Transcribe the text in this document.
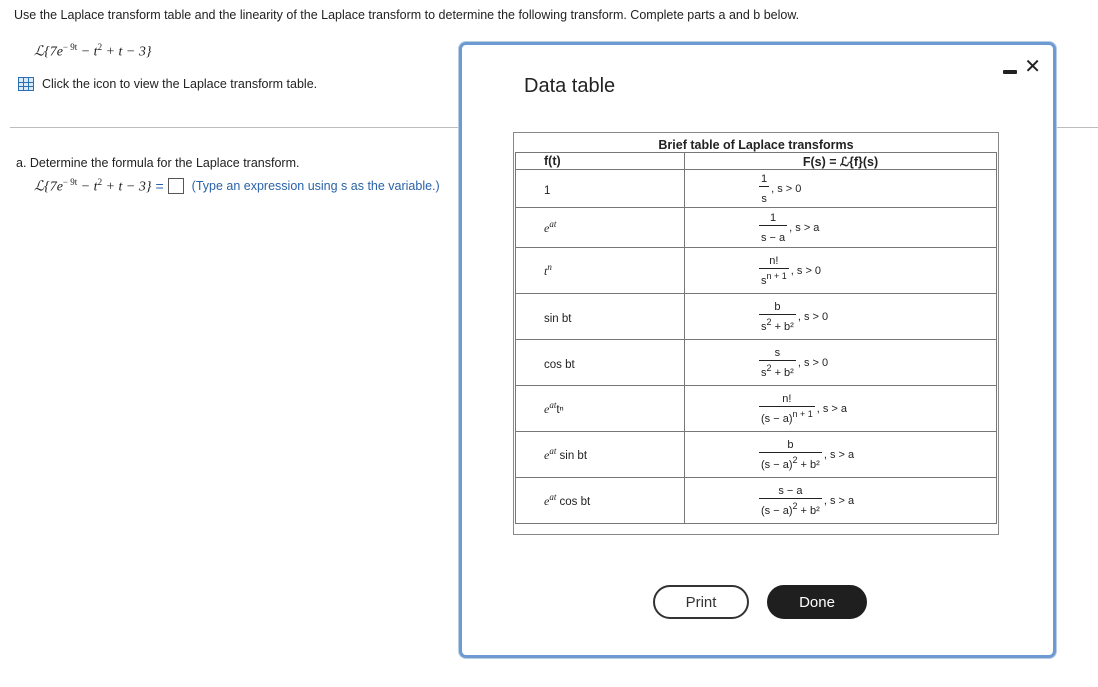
Use the Laplace transform table and the linearity of the Laplace transform to determine the following transform. Complete parts a and b below.
$ℒ\{7e^{- 9t} - t^2 + t - 3\}$
Click the icon to view the Laplace transform table.
a. Determine the formula for the Laplace transform.
$ℒ\{7e^{- 9t} - t^2 + t - 3\}$ = (Type an expression using s as the variable.)
Data table
✕
Brief table of Laplace transforms	
f(t)	F(s) = ℒ{f}(s)
1	$\frac{1}{s}$ , s > 0
$e^{at}$	$\frac{1}{s - a}$ , s > a
$t^n$	$\frac{n!}{s^{n + 1}}$ , s > 0
sin bt	$\frac{b}{s^2 + b^2}$ , s > 0
cos bt	$\frac{s}{s^2 + b^2}$ , s > 0
$e^{at}t^n$	$\frac{n!}{(s - a)^{n + 1}}$ , s > a
$e^{at}$ sin bt	$\frac{b}{(s - a)^2 + b^2}$ , s > a
$e^{at}$ cos bt	$\frac{s - a}{(s - a)^2 + b^2}$ , s > a
Print	Done
